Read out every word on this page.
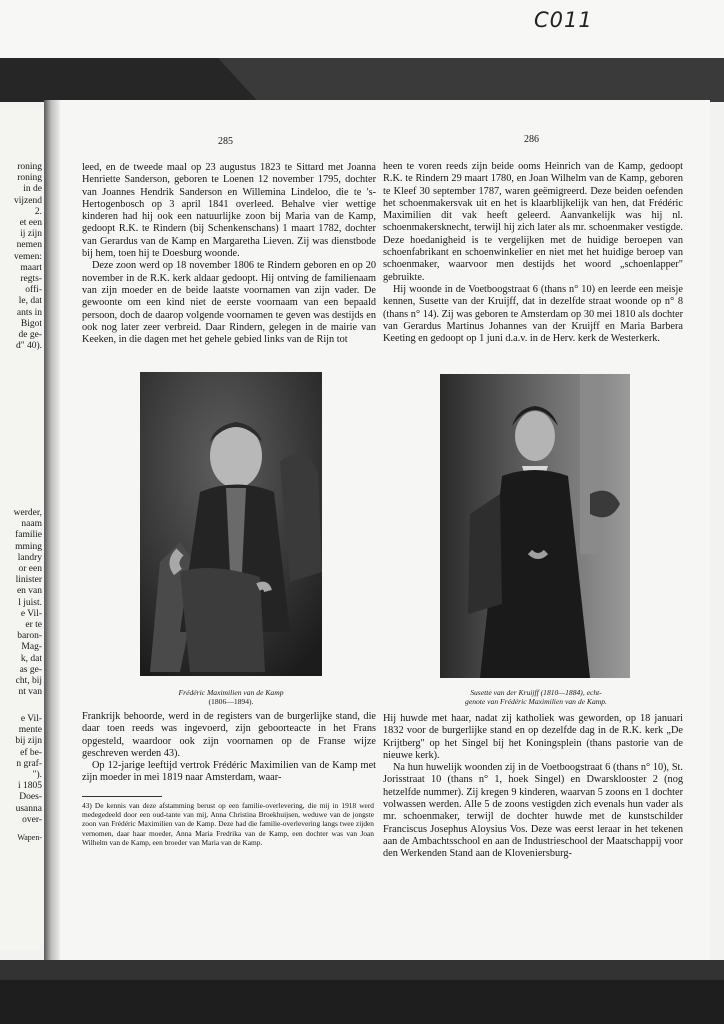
C011
roning
roning
in de
vijzend
2.
et een
ij zijn
nemen
vemen:
maart
regts-
offi-
le, dat
ants in
Bigot
de ge-
d" 40).
werder,
naam
familie
mming
landry
or een
linister
en van
l juist.
e Vil-
er te
baron-
Mag-
k, dat
as ge-
cht, bij
nt van
e Vil-
mente
bij zijn
ef be-
n graf-
").
i 1805
Does-
usanna
over-
Wapen-
285	286

leed, en de tweede maal op 23 augustus 1823 te Sittard met Joanna Henriette Sanderson, geboren te Loenen 12 november 1795, dochter van Joannes Hendrik Sanderson en Willemina Lindeloo, die te 's-Hertogenbosch op 3 april 1841 overleed. Behalve vier wettige kinderen had hij ook een natuurlijke zoon bij Maria van de Kamp, gedoopt R.K. te Rindern (bij Schenkenschans) 1 maart 1782, dochter van Gerardus van de Kamp en Margaretha Lieven. Zij was dienstbode bij hem, toen hij te Doesburg woonde.

Deze zoon werd op 18 november 1806 te Rindern geboren en op 20 november in de R.K. kerk aldaar gedoopt. Hij ontving de familienaam van zijn moeder en de beide laatste voornamen van zijn vader. De gewoonte om een kind niet de eerste voornaam van een bepaald persoon, doch de daarop volgende voornamen te geven was destijds en ook nog later zeer verbreid. Daar Rindern, gelegen in de mairie van Keeken, in die dagen met het gehele gebied links van de Rijn tot

heen te voren reeds zijn beide ooms Heinrich van de Kamp, gedoopt R.K. te Rindern 29 maart 1780, en Joan Wilhelm van de Kamp, geboren te Kleef 30 september 1787, waren geëmigreerd. Deze beiden oefenden het schoenmakersvak uit en het is klaarblijkelijk van hen, dat Frédéric Maximilien dit vak heeft geleerd. Aanvankelijk was hij nl. schoenmakersknecht, terwijl hij zich later als mr. schoenmaker vestigde. Deze hoedanigheid is te vergelijken met de huidige beroepen van schoenfabrikant en schoenwinkelier en niet met het huidige beroep van schoenmaker, waarvoor men destijds het woord „schoenlapper" gebruikte.

Hij woonde in de Voetboogstraat 6 (thans n° 10) en leerde een meisje kennen, Susette van der Kruijff, dat in dezelfde straat woonde op n° 8 (thans n° 14). Zij was geboren te Amsterdam op 30 mei 1810 als dochter van Gerardus Martinus Johannes van der Kruijff en Maria Barbera Keeting en gedoopt op 1 juni d.a.v. in de Herv. kerk de Westerkerk.

Frédéric Maximilien van de Kamp
(1806—1894).
Susette van der Kruijff (1810—1884), echt-
genote van Frédéric Maximilien van de Kamp.

Frankrijk behoorde, werd in de registers van de burgerlijke stand, die daar toen reeds was ingevoerd, zijn geboorteacte in het Frans opgesteld, waardoor ook zijn voornamen op de Franse wijze geschreven werden 43).

Op 12-jarige leeftijd vertrok Frédéric Maximilien van de Kamp met zijn moeder in mei 1819 naar Amsterdam, waar-

43) De kennis van deze afstamming berust op een familie-overlevering, die mij in 1918 werd medegedeeld door een oud-tante van mij, Anna Christina Broekhuijsen, weduwe van de jongste zoon van Frédéric Maximilien van de Kamp. Deze had die familie-overlevering langs twee zijden vernomen, daar haar moeder, Anna Maria Fredrika van de Kamp, een dochter was van Joan Wilhelm van de Kamp, een broeder van Maria van de Kamp.

Hij huwde met haar, nadat zij katholiek was geworden, op 18 januari 1832 voor de burgerlijke stand en op dezelfde dag in de R.K. kerk „De Krijtberg" op het Singel bij het Koningsplein (thans pastorie van de nieuwe kerk).

Na hun huwelijk woonden zij in de Voetboogstraat 6 (thans n° 10), St. Jorisstraat 10 (thans n° 1, hoek Singel) en Dwarsklooster 2 (nog hetzelfde nummer). Zij kregen 9 kinderen, waarvan 5 zoons en 1 dochter volwassen werden. Alle 5 de zoons vestigden zich evenals hun vader als mr. schoenmaker, terwijl de dochter huwde met de kunstschilder Franciscus Josephus Aloysius Vos. Deze was eerst leraar in het tekenen aan de Ambachtsschool en aan de Industrieschool der Maatschappij voor den Werkenden Stand aan de Kloveniersburg-
